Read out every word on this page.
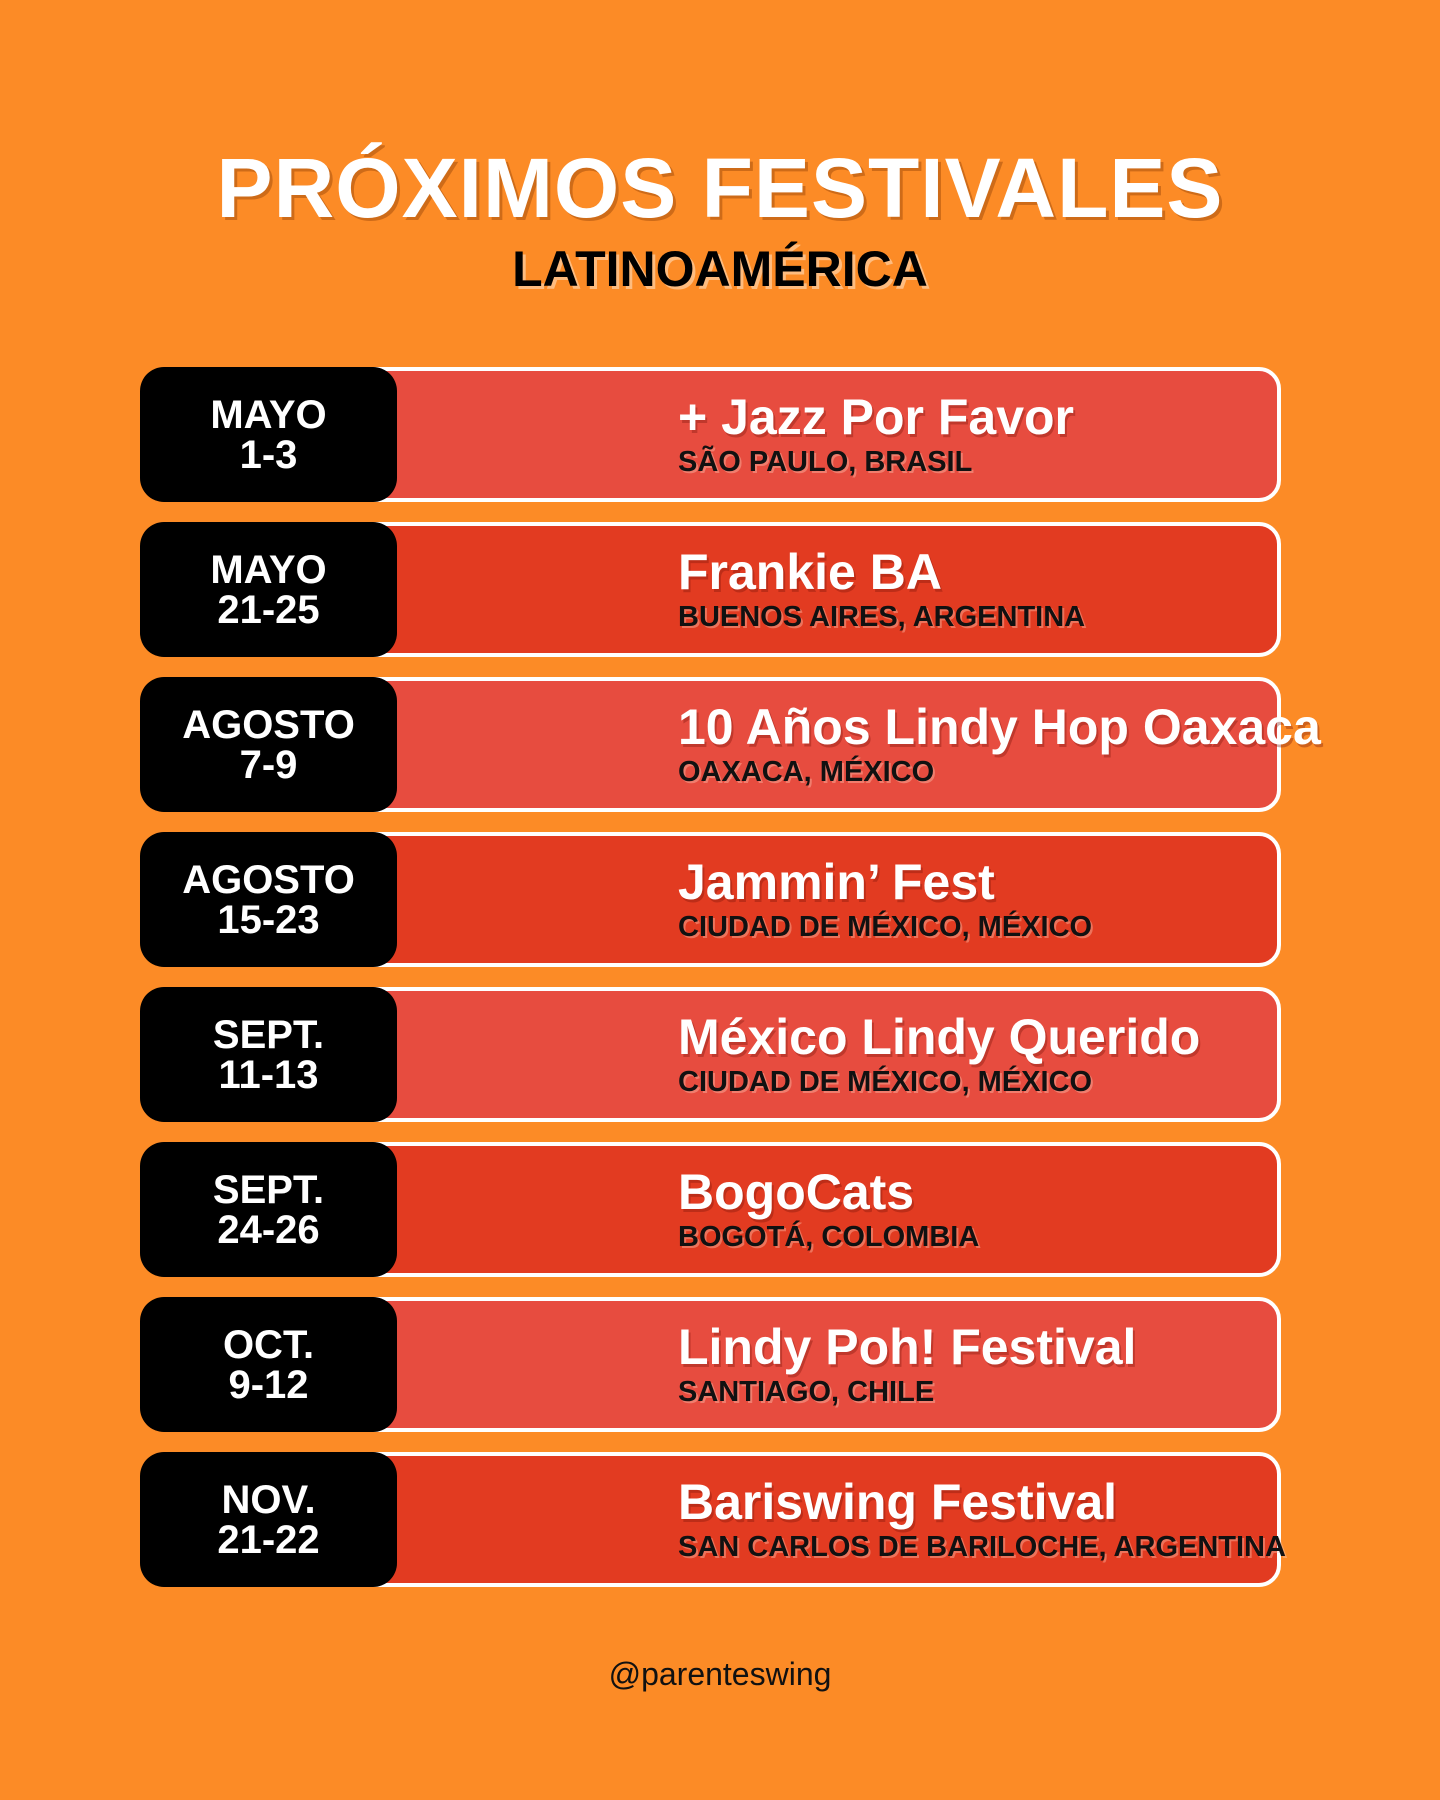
PRÓXIMOS FESTIVALES
LATINOAMÉRICA
+ Jazz Por Favor
SÃO PAULO, BRASIL
MAYO
1-3
Frankie BA
BUENOS AIRES, ARGENTINA
MAYO
21-25
10 Años Lindy Hop Oaxaca
OAXACA, MÉXICO
AGOSTO
7-9
Jammin’ Fest
CIUDAD DE MÉXICO, MÉXICO
AGOSTO
15-23
México Lindy Querido
CIUDAD DE MÉXICO, MÉXICO
SEPT.
11-13
BogoCats
BOGOTÁ, COLOMBIA
SEPT.
24-26
Lindy Poh! Festival
SANTIAGO, CHILE
OCT.
9-12
Bariswing Festival
SAN CARLOS DE BARILOCHE, ARGENTINA
NOV.
21-22
@parenteswing
